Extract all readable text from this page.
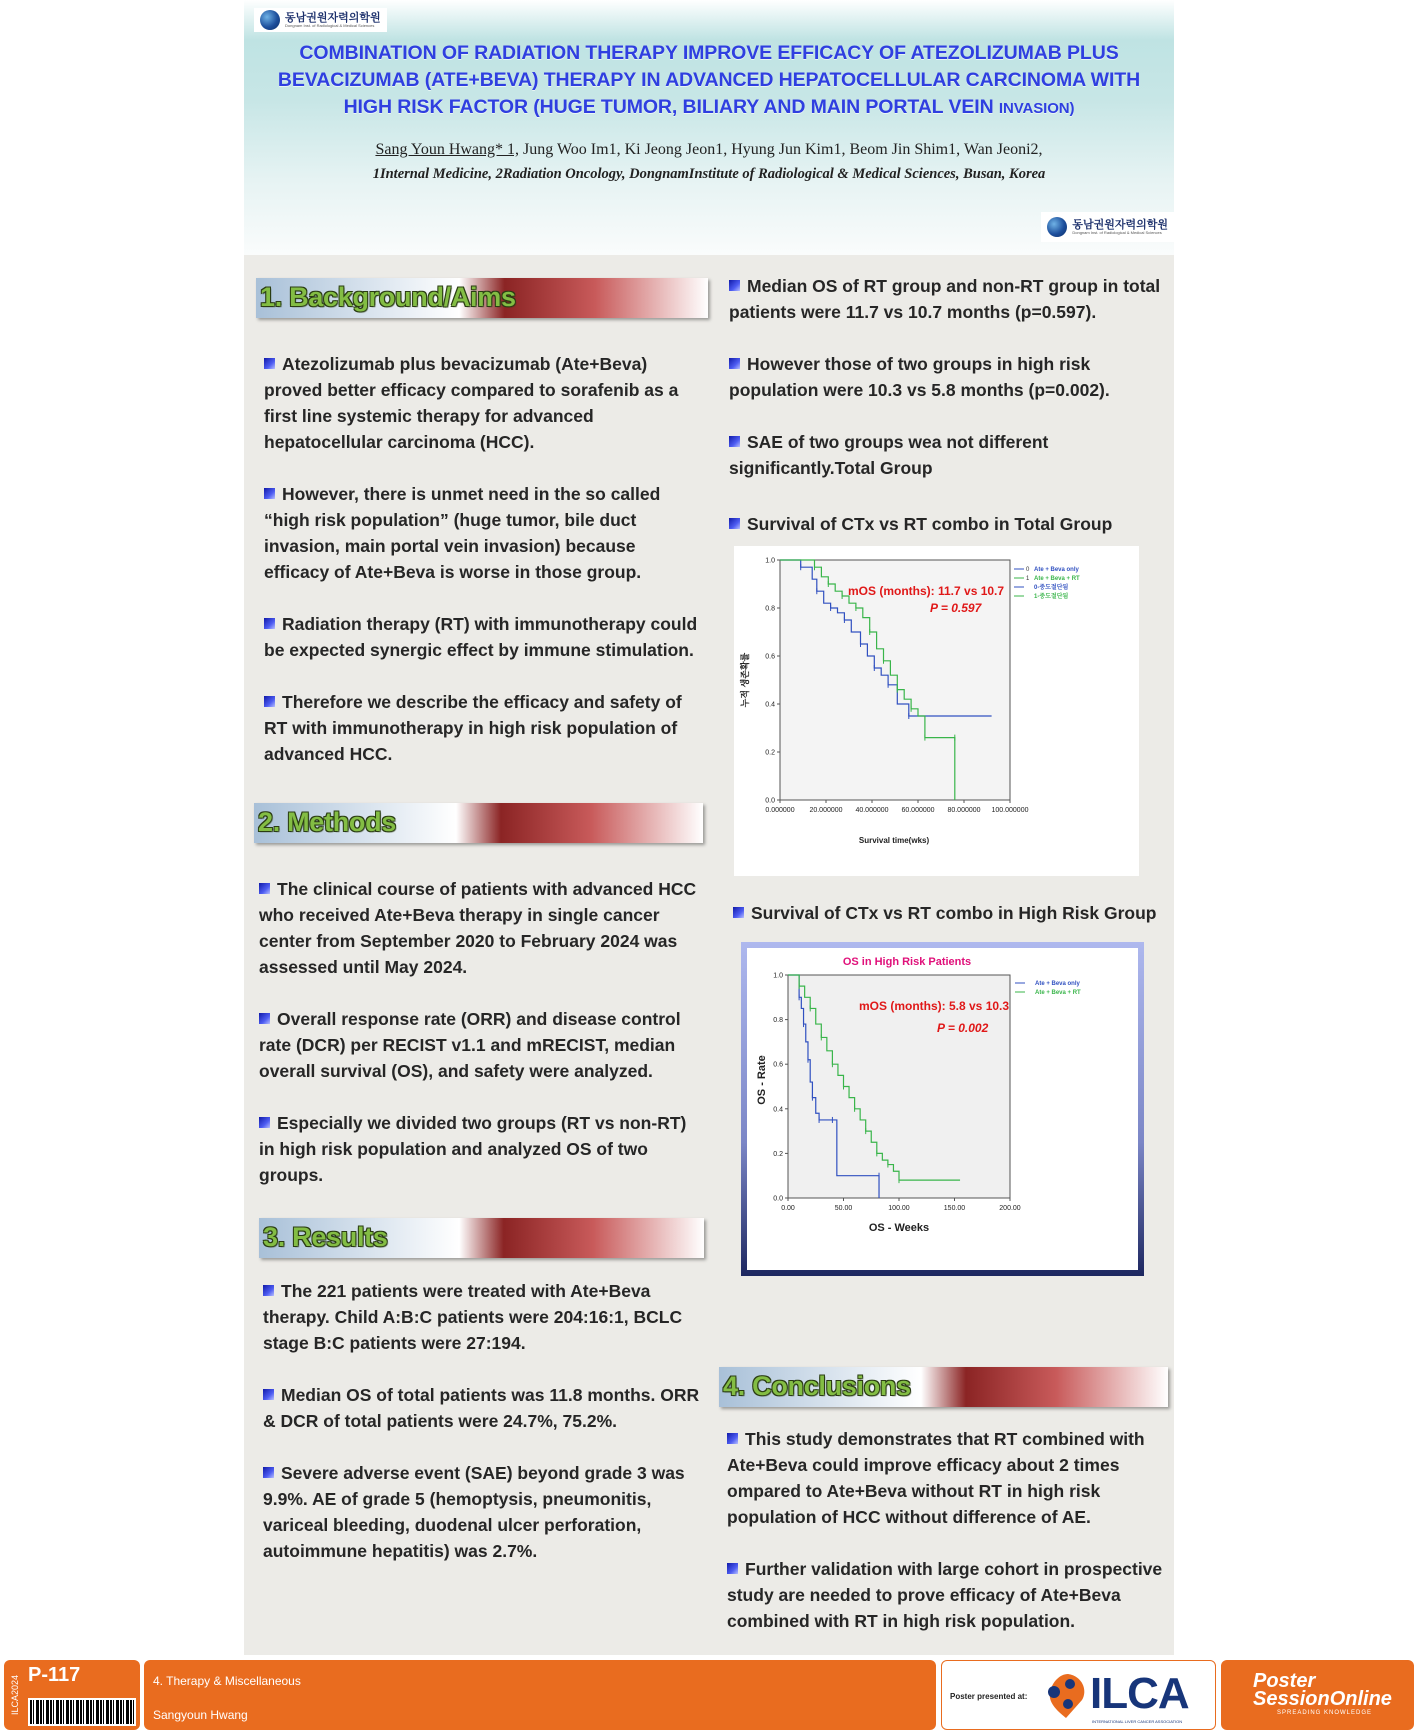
동남권원자력의학원
Dongnam Inst. of Radiological & Medical Sciences
COMBINATION OF RADIATION THERAPY IMPROVE EFFICACY OF ATEZOLIZUMAB PLUS
BEVACIZUMAB (ATE+BEVA) THERAPY IN ADVANCED HEPATOCELLULAR CARCINOMA WITH
HIGH RISK FACTOR (HUGE TUMOR, BILIARY AND MAIN PORTAL VEIN INVASION)
Sang Youn Hwang* 1, Jung Woo Im1, Ki Jeong Jeon1, Hyung Jun Kim1, Beom Jin Shim1, Wan Jeoni2,
1Internal Medicine, 2Radiation Oncology, DongnamInstitute of Radiological & Medical Sciences, Busan, Korea
동남권원자력의학원
Dongnam Inst. of Radiological & Medical Sciences
1. Background/Aims
Atezolizumab plus bevacizumab (Ate+Beva) proved better efficacy compared to sorafenib as a first line systemic therapy for advanced hepatocellular carcinoma (HCC).
However, there is unmet need in the so called “high risk population” (huge tumor, bile duct invasion, main portal vein invasion) because efficacy of Ate+Beva is worse in those group.
Radiation therapy (RT) with immunotherapy could be expected synergic effect by immune stimulation.
Therefore we describe the efficacy and safety of RT with immunotherapy in high risk population of advanced HCC.
2. Methods
The clinical course of patients with advanced HCC who received Ate+Beva therapy in single cancer center from September 2020 to February 2024 was assessed until May 2024.
Overall response rate (ORR) and disease control rate (DCR) per RECIST v1.1 and mRECIST, median overall survival (OS), and safety were analyzed.
Especially we divided two groups (RT vs non-RT) in high risk population and analyzed OS of two groups.
3. Results
The 221 patients were treated with Ate+Beva therapy. Child A:B:C patients were 204:16:1, BCLC stage B:C patients were 27:194.
Median OS of total patients was 11.8 months. ORR & DCR of total patients were 24.7%, 75.2%.
Severe adverse event (SAE) beyond grade 3 was 9.9%. AE of grade 5 (hemoptysis, pneumonitis, variceal bleeding, duodenal ulcer perforation, autoimmune hepatitis) was 2.7%.
Median OS of RT group and non-RT group in total patients were 11.7 vs 10.7 months (p=0.597).
However those of two groups in high risk population were 10.3 vs 5.8 months (p=0.002).
SAE of two groups wea not different significantly.Total Group
Survival of CTx vs RT combo in Total Group
0.0
0.2
0.4
0.6
0.8
1.0
0.000000 20.000000 40.000000 60.000000 80.000000 100.000000
Survival time(wks)
누적 생존확률
mOS (months): 11.7 vs 10.7
P = 0.597
Ate + Beva only
Ate + Beva + RT
0-중도절단됨
1-중도절단됨
0
1
Survival of CTx vs RT combo in High Risk Group
0.0
0.2
0.4
0.6
0.8
1.0
0.00	50.00	100.00	150.00	200.00
OS - Weeks
OS - Rate
mOS (months): 5.8 vs 10.3
P = 0.002
Ate + Beva only
Ate + Beva + RT
OS in High Risk Patients
4. Conclusions
This study demonstrates that RT combined with Ate+Beva could improve efficacy about 2 times ompared to Ate+Beva without RT in high risk population of HCC without difference of AE.
Further validation with large cohort in prospective study are needed to prove efficacy of Ate+Beva combined with RT in high risk population.
ILCA2024 P-117	4. Therapy & Miscellaneous
Sangyoun Hwang
Poster presented at: ILCA
INTERNATIONAL LIVER CANCER ASSOCIATION
Poster SessionOnline
SPREADING KNOWLEDGE
